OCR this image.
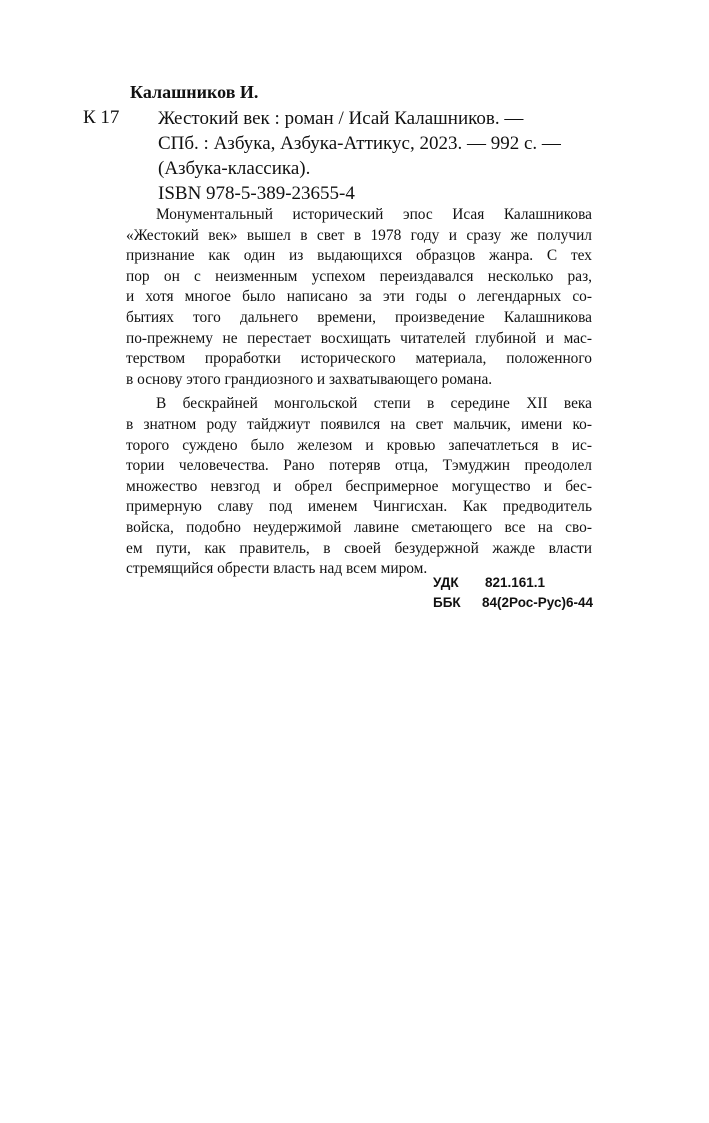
Калашников И.
К 17 Жестокий век : роман / Исай Калашников. —
СПб. : Азбука, Азбука-Аттикус, 2023. — 992 с. —
(Азбука-классика).
ISBN 978-5-389-23655-4
Монументальный исторический эпос Исая Калашникова
«Жестокий век» вышел в свет в 1978 году и сразу же получил
признание как один из выдающихся образцов жанра. С тех
пор он с неизменным успехом переиздавался несколько раз,
и хотя многое было написано за эти годы о легендарных со-
бытиях того дальнего времени, произведение Калашникова
по-прежнему не перестает восхищать читателей глубиной и мас-
терством проработки исторического материала, положенного
в основу этого грандиозного и захватывающего романа.
В бескрайней монгольской степи в середине XII века
в знатном роду тайджиут появился на свет мальчик, имени ко-
торого суждено было железом и кровью запечатлеться в ис-
тории человечества. Рано потеряв отца, Тэмуджин преодолел
множество невзгод и обрел беспримерное могущество и бес-
примерную славу под именем Чингисхан. Как предводитель
войска, подобно неудержимой лавине сметающего все на сво-
ем пути, как правитель, в своей безудержной жажде власти
стремящийся обрести власть над всем миром.
УДК	821.161.1
ББК	84(2Рос-Рус)6-44
